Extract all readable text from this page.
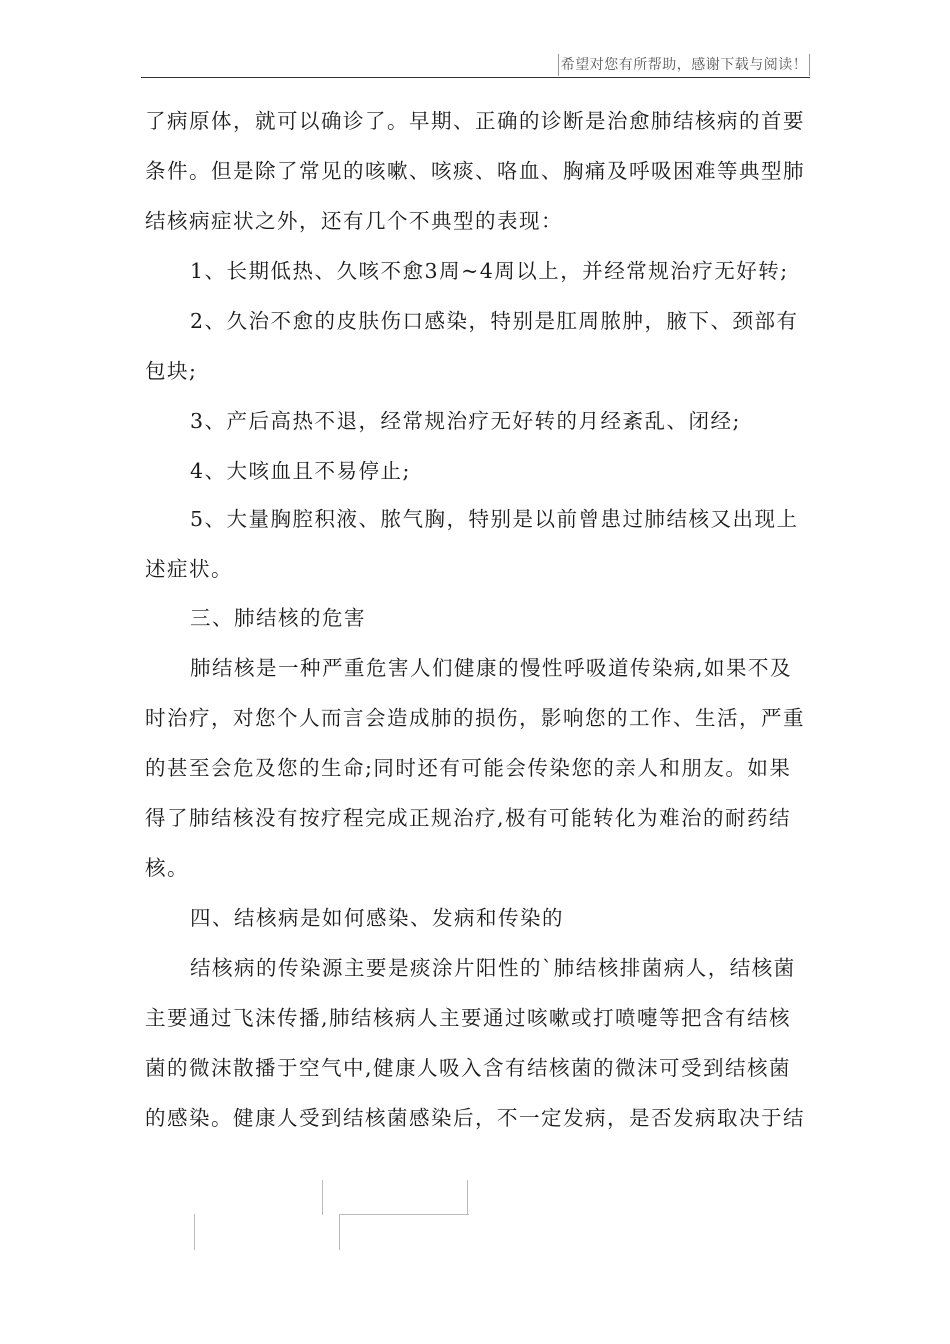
希望对您有所帮助，感谢下载与阅读！
了病原体，就可以确诊了。早期、正确的诊断是治愈肺结核病的首要
条件。但是除了常见的咳嗽、咳痰、咯血、胸痛及呼吸困难等典型肺
结核病症状之外，还有几个不典型的表现：
1、长期低热、久咳不愈3周~4周以上，并经常规治疗无好转;
2、久治不愈的皮肤伤口感染，特别是肛周脓肿，腋下、颈部有
包块;
3、产后高热不退，经常规治疗无好转的月经紊乱、闭经;
4、大咳血且不易停止;
5、大量胸腔积液、脓气胸，特别是以前曾患过肺结核又出现上
述症状。
三、肺结核的危害
肺结核是一种严重危害人们健康的慢性呼吸道传染病,如果不及
时治疗，对您个人而言会造成肺的损伤，影响您的工作、生活，严重
的甚至会危及您的生命;同时还有可能会传染您的亲人和朋友。如果
得了肺结核没有按疗程完成正规治疗,极有可能转化为难治的耐药结
核。
四、结核病是如何感染、发病和传染的
结核病的传染源主要是痰涂片阳性的`肺结核排菌病人，结核菌
主要通过飞沫传播,肺结核病人主要通过咳嗽或打喷嚏等把含有结核
菌的微沫散播于空气中,健康人吸入含有结核菌的微沫可受到结核菌
的感染。健康人受到结核菌感染后，不一定发病，是否发病取决于结
